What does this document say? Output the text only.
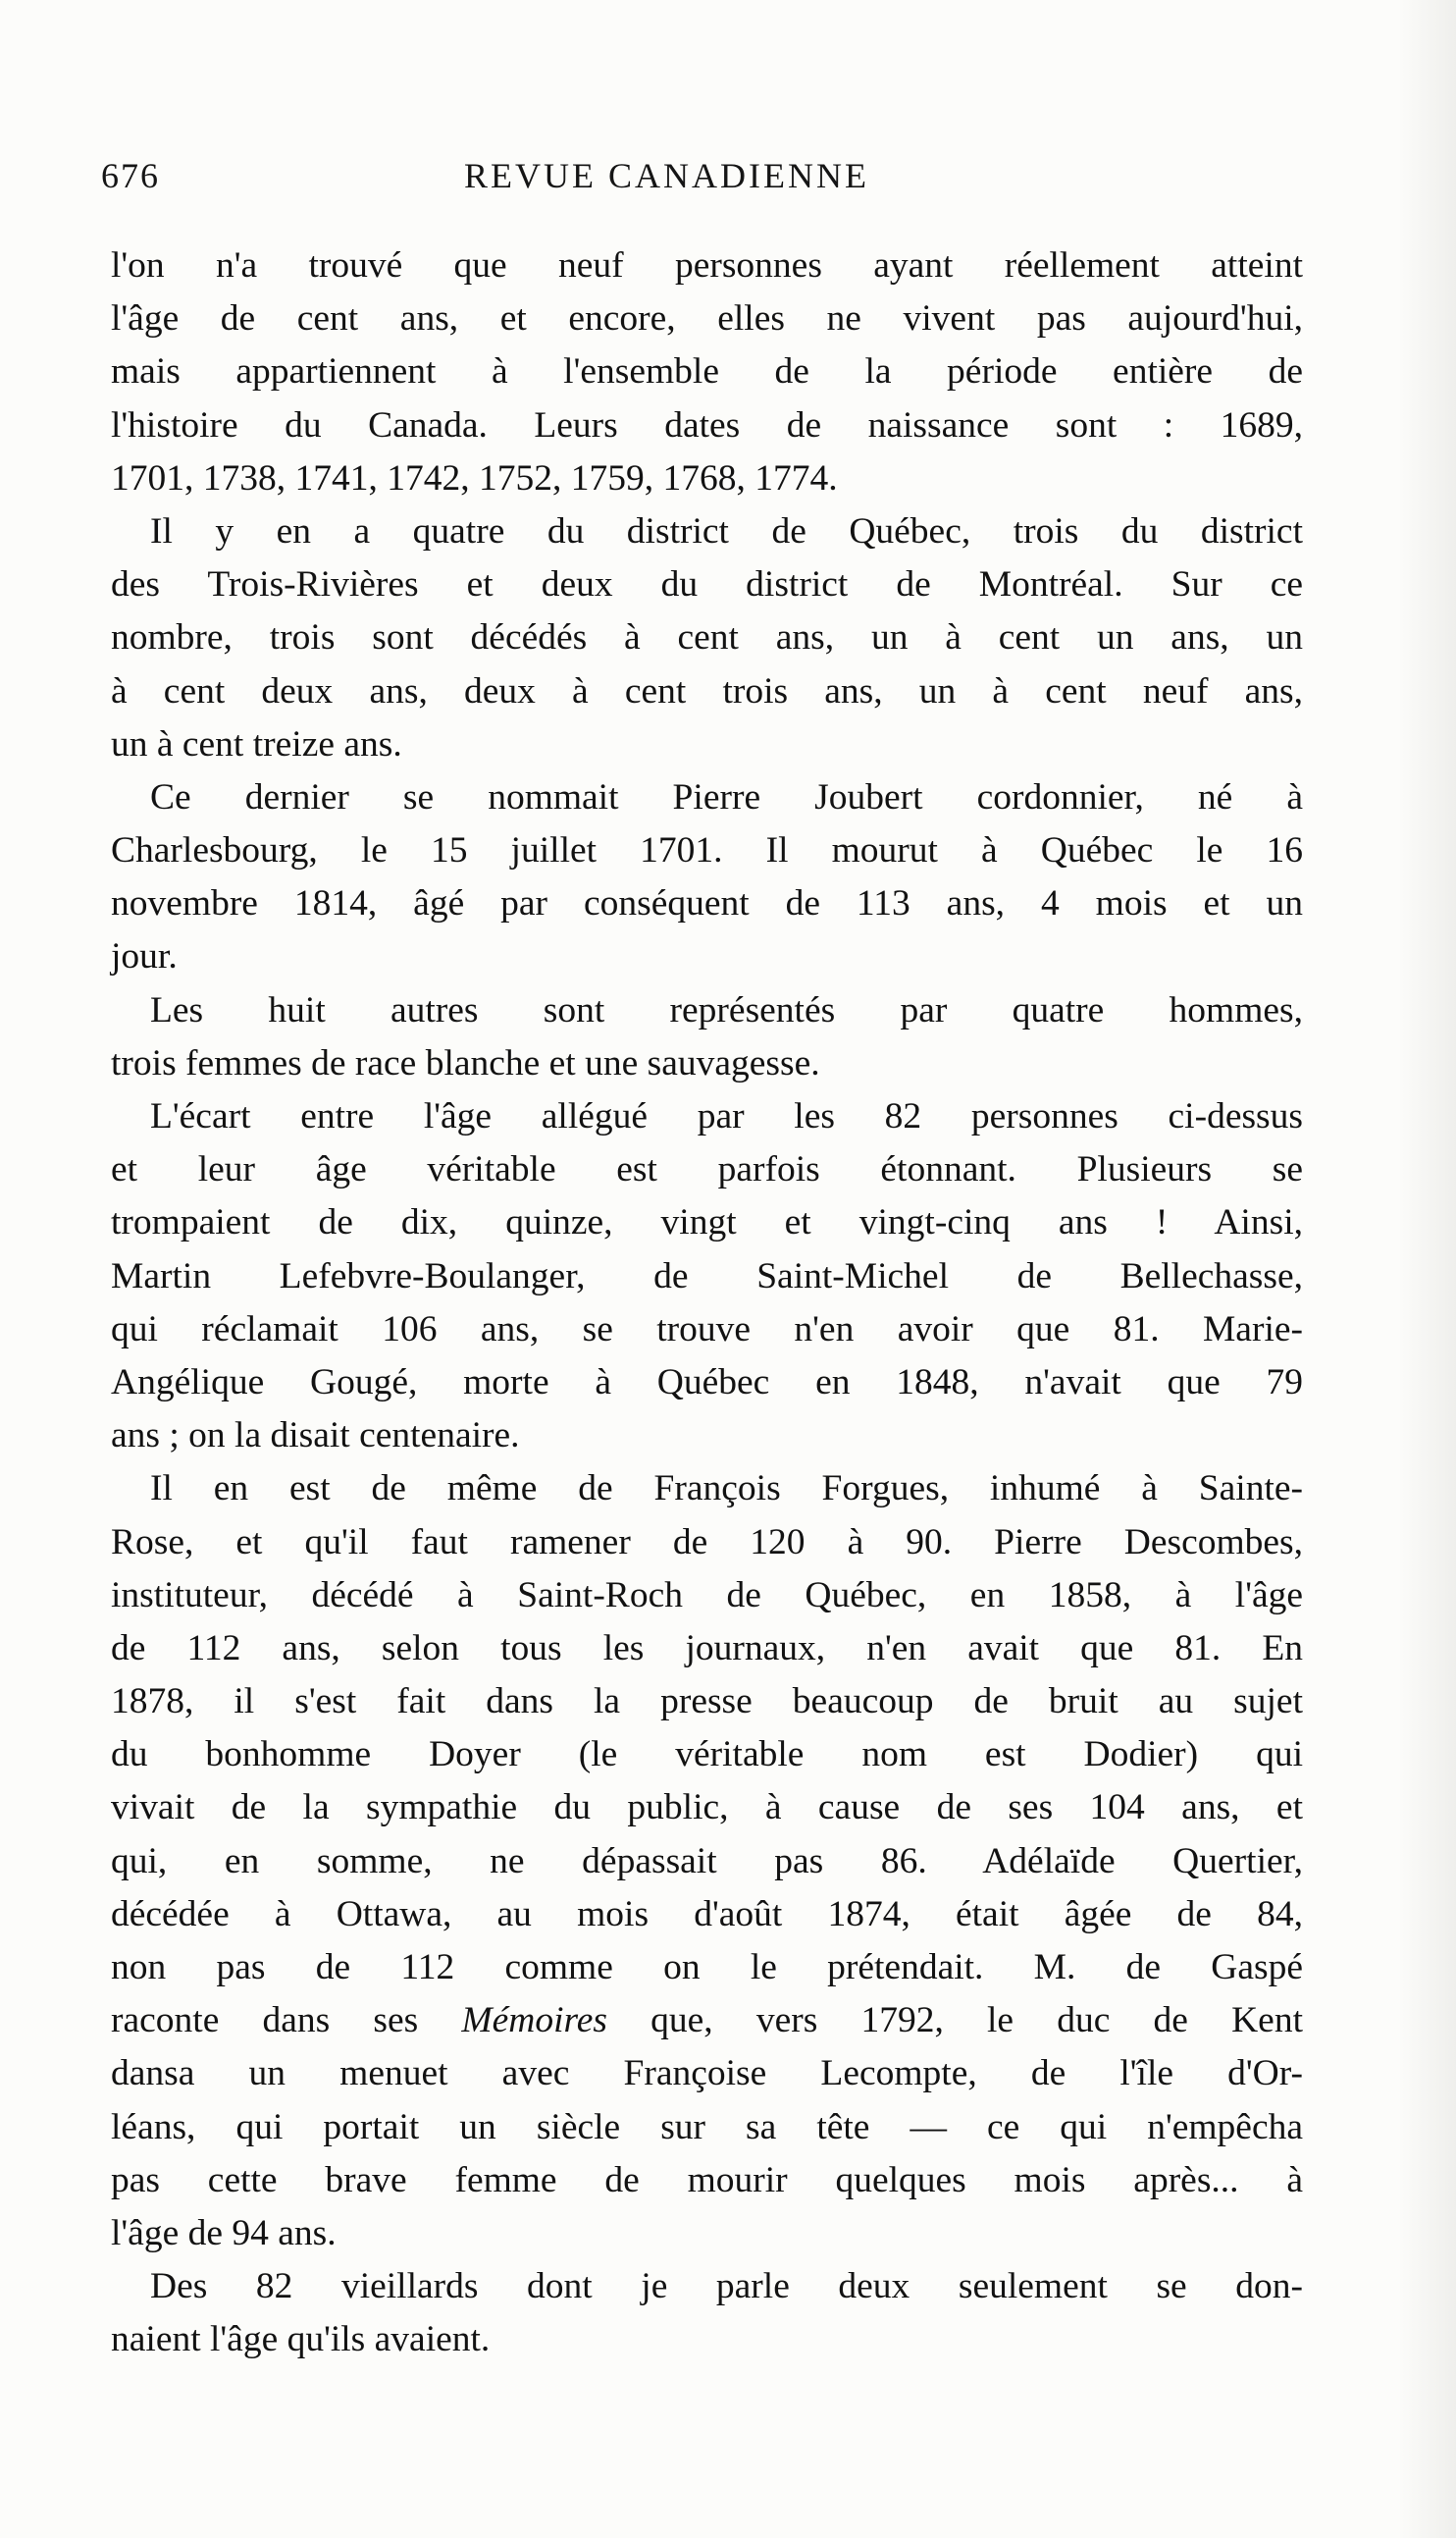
676	REVUE CANADIENNE
l'on n'a trouvé que neuf personnes ayant réellement atteint
l'âge de cent ans, et encore, elles ne vivent pas aujourd'hui,
mais appartiennent à l'ensemble de la période entière de
l'histoire du Canada. Leurs dates de naissance sont : 1689,
1701, 1738, 1741, 1742, 1752, 1759, 1768, 1774.
Il y en a quatre du district de Québec, trois du district
des Trois-Rivières et deux du district de Montréal. Sur ce
nombre, trois sont décédés à cent ans, un à cent un ans, un
à cent deux ans, deux à cent trois ans, un à cent neuf ans,
un à cent treize ans.
Ce dernier se nommait Pierre Joubert cordonnier, né à
Charlesbourg, le 15 juillet 1701. Il mourut à Québec le 16
novembre 1814, âgé par conséquent de 113 ans, 4 mois et un
jour.
Les huit autres sont représentés par quatre hommes,
trois femmes de race blanche et une sauvagesse.
L'écart entre l'âge allégué par les 82 personnes ci-dessus
et leur âge véritable est parfois étonnant. Plusieurs se
trompaient de dix, quinze, vingt et vingt-cinq ans ! Ainsi,
Martin Lefebvre-Boulanger, de Saint-Michel de Bellechasse,
qui réclamait 106 ans, se trouve n'en avoir que 81. Marie-
Angélique Gougé, morte à Québec en 1848, n'avait que 79
ans ; on la disait centenaire.
Il en est de même de François Forgues, inhumé à Sainte-
Rose, et qu'il faut ramener de 120 à 90. Pierre Descombes,
instituteur, décédé à Saint-Roch de Québec, en 1858, à l'âge
de 112 ans, selon tous les journaux, n'en avait que 81. En
1878, il s'est fait dans la presse beaucoup de bruit au sujet
du bonhomme Doyer (le véritable nom est Dodier) qui
vivait de la sympathie du public, à cause de ses 104 ans, et
qui, en somme, ne dépassait pas 86. Adélaïde Quertier,
décédée à Ottawa, au mois d'août 1874, était âgée de 84,
non pas de 112 comme on le prétendait. M. de Gaspé
raconte dans ses Mémoires que, vers 1792, le duc de Kent
dansa un menuet avec Françoise Lecompte, de l'île d'Or-
léans, qui portait un siècle sur sa tête — ce qui n'empêcha
pas cette brave femme de mourir quelques mois après... à
l'âge de 94 ans.
Des 82 vieillards dont je parle deux seulement se don-
naient l'âge qu'ils avaient.
